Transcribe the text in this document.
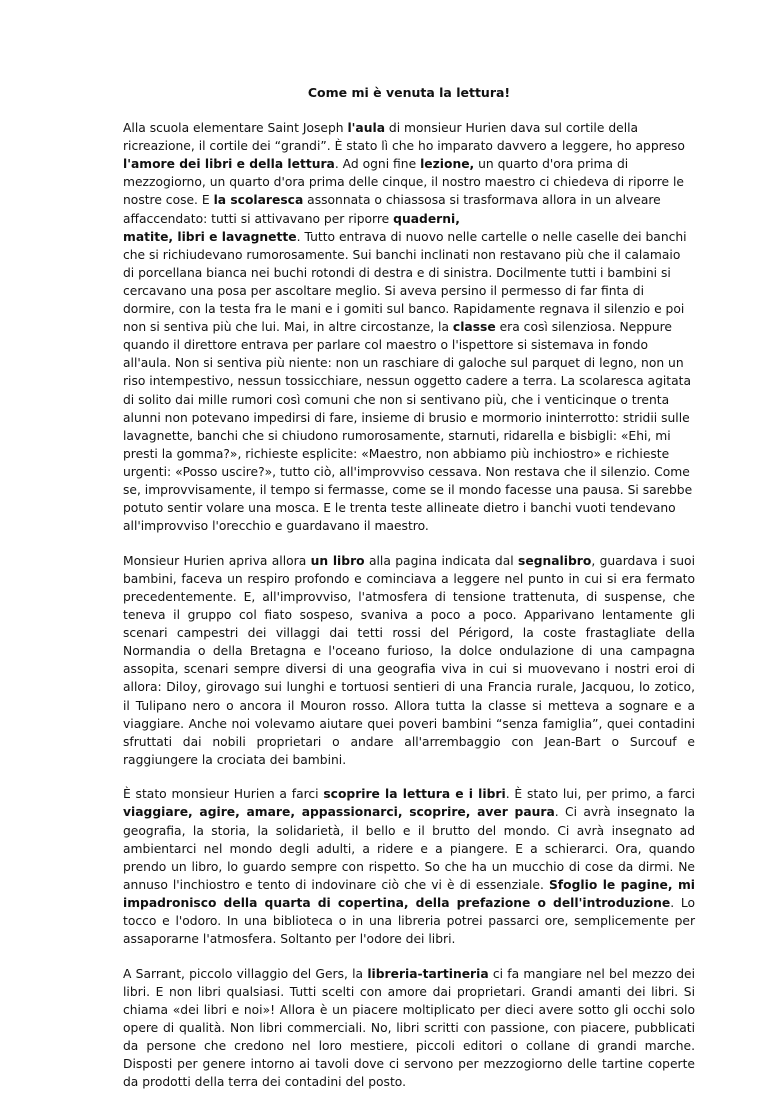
Come mi è venuta la lettura!

Alla scuola elementare Saint Joseph l'aula di monsieur Hurien dava sul cortile della ricreazione, il cortile dei “grandi”. È stato lì che ho imparato davvero a leggere, ho appreso l'amore dei libri e della lettura. Ad ogni fine lezione, un quarto d'ora prima di mezzogiorno, un quarto d'ora prima delle cinque, il nostro maestro ci chiedeva di riporre le nostre cose. E la scolaresca assonnata o chiassosa si trasformava allora in un alveare affaccendato: tutti si attivavano per riporre quaderni,
matite, libri e lavagnette. Tutto entrava di nuovo nelle cartelle o nelle caselle dei banchi che si richiudevano rumorosamente. Sui banchi inclinati non restavano più che il calamaio di porcellana bianca nei buchi rotondi di destra e di sinistra. Docilmente tutti i bambini si cercavano una posa per ascoltare meglio. Si aveva persino il permesso di far finta di dormire, con la testa fra le mani e i gomiti sul banco. Rapidamente regnava il silenzio e poi non si sentiva più che lui. Mai, in altre circostanze, la classe era così silenziosa. Neppure quando il direttore entrava per parlare col maestro o l'ispettore si sistemava in fondo all'aula. Non si sentiva più niente: non un raschiare di galoche sul parquet di legno, non un riso intempestivo, nessun tossicchiare, nessun oggetto cadere a terra. La scolaresca agitata di solito dai mille rumori così comuni che non si sentivano più, che i venticinque o trenta alunni non potevano impedirsi di fare, insieme di brusio e mormorio ininterrotto: stridii sulle lavagnette, banchi che si chiudono rumorosamente, starnuti, ridarella e bisbigli: «Ehi, mi presti la gomma?», richieste esplicite: «Maestro, non abbiamo più inchiostro» e richieste urgenti: «Posso uscire?», tutto ciò, all'improvviso cessava. Non restava che il silenzio. Come se, improvvisamente, il tempo si fermasse, come se il mondo facesse una pausa. Si sarebbe potuto sentir volare una mosca. E le trenta teste allineate dietro i banchi vuoti tendevano all'improvviso l'orecchio e guardavano il maestro.

Monsieur Hurien apriva allora un libro alla pagina indicata dal segnalibro, guardava i suoi bambini, faceva un respiro profondo e cominciava a leggere nel punto in cui si era fermato precedentemente. E, all'improvviso, l'atmosfera di tensione trattenuta, di suspense, che teneva il gruppo col fiato sospeso, svaniva a poco a poco. Apparivano lentamente gli scenari campestri dei villaggi dai tetti rossi del Périgord, la coste frastagliate della Normandia o della Bretagna e l'oceano furioso, la dolce ondulazione di una campagna assopita, scenari sempre diversi di una geografia viva in cui si muovevano i nostri eroi di allora: Diloy, girovago sui lunghi e tortuosi sentieri di una Francia rurale, Jacquou, lo zotico, il Tulipano nero o ancora il Mouron rosso. Allora tutta la classe si metteva a sognare e a viaggiare. Anche noi volevamo aiutare quei poveri bambini “senza famiglia”, quei contadini sfruttati dai nobili proprietari o andare all'arrembaggio con Jean-Bart o Surcouf e raggiungere la crociata dei bambini.

È stato monsieur Hurien a farci scoprire la lettura e i libri. È stato lui, per primo, a farci viaggiare, agire, amare, appassionarci, scoprire, aver paura. Ci avrà insegnato la geografia, la storia, la solidarietà, il bello e il brutto del mondo. Ci avrà insegnato ad ambientarci nel mondo degli adulti, a ridere e a piangere. E a schierarci. Ora, quando prendo un libro, lo guardo sempre con rispetto. So che ha un mucchio di cose da dirmi. Ne annuso l'inchiostro e tento di indovinare ciò che vi è di essenziale. Sfoglio le pagine, mi impadronisco della quarta di copertina, della prefazione o dell'introduzione. Lo tocco e l'odoro. In una biblioteca o in una libreria potrei passarci ore, semplicemente per assaporarne l'atmosfera. Soltanto per l'odore dei libri.

A Sarrant, piccolo villaggio del Gers, la libreria-tartineria ci fa mangiare nel bel mezzo dei libri. E non libri qualsiasi. Tutti scelti con amore dai proprietari. Grandi amanti dei libri. Si chiama «dei libri e noi»! Allora è un piacere moltiplicato per dieci avere sotto gli occhi solo opere di qualità. Non libri commerciali. No, libri scritti con passione, con piacere, pubblicati da persone che credono nel loro mestiere, piccoli editori o collane di grandi marche. Disposti per genere intorno ai tavoli dove ci servono per mezzogiorno delle tartine coperte da prodotti della terra dei contadini del posto.
